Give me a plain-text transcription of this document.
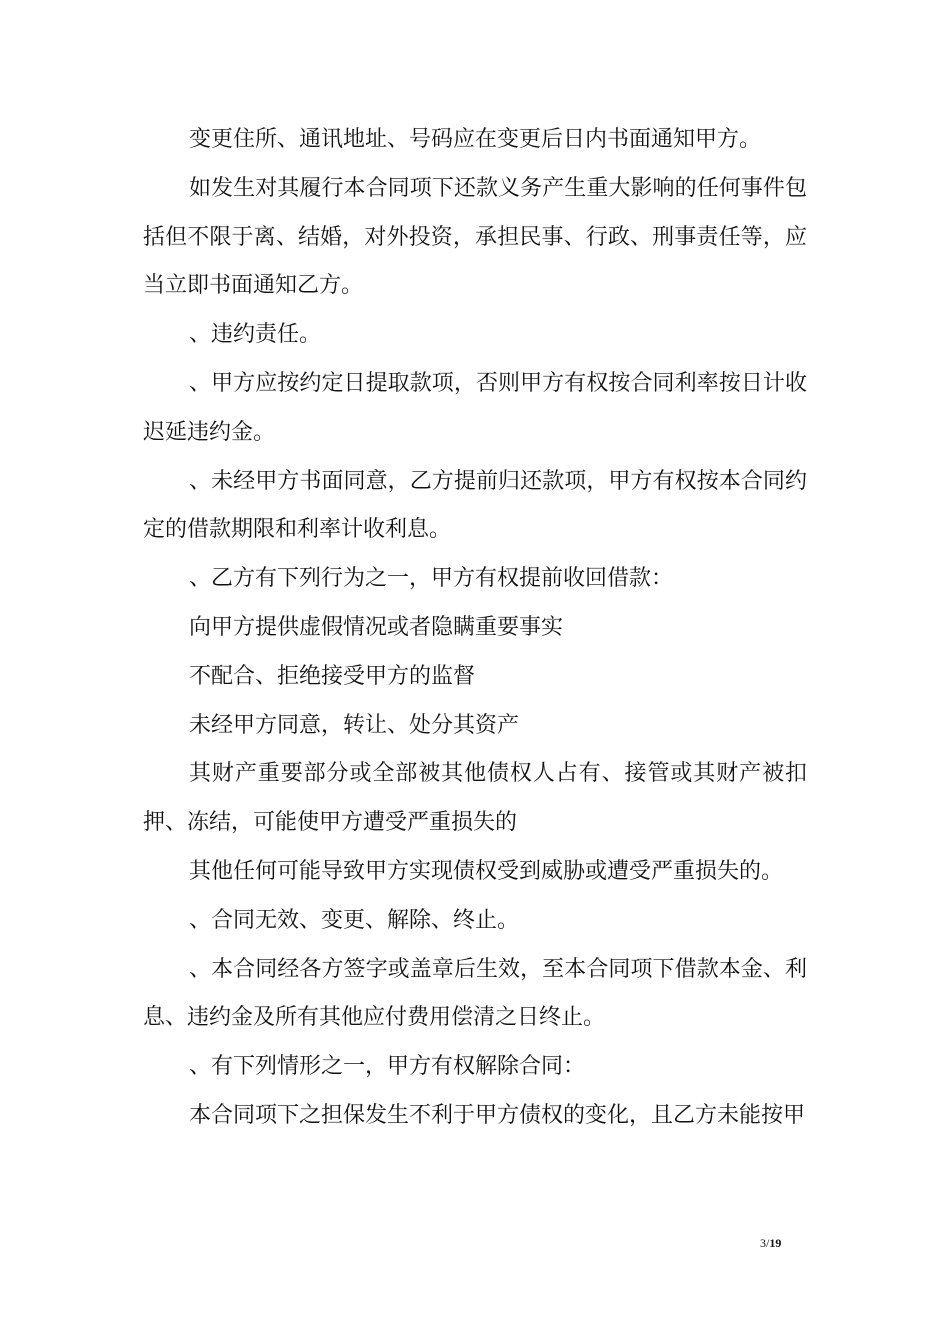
变更住所、通讯地址、号码应在变更后日内书面通知甲方。

如发生对其履行本合同项下还款义务产生重大影响的任何事件包括但不限于离、结婚，对外投资，承担民事、行政、刑事责任等，应当立即书面通知乙方。

、违约责任。

、甲方应按约定日提取款项，否则甲方有权按合同利率按日计收迟延违约金。

、未经甲方书面同意，乙方提前归还款项，甲方有权按本合同约定的借款期限和利率计收利息。

、乙方有下列行为之一，甲方有权提前收回借款：

向甲方提供虚假情况或者隐瞒重要事实

不配合、拒绝接受甲方的监督

未经甲方同意，转让、处分其资产

其财产重要部分或全部被其他债权人占有、接管或其财产被扣押、冻结，可能使甲方遭受严重损失的

其他任何可能导致甲方实现债权受到威胁或遭受严重损失的。

、合同无效、变更、解除、终止。

、本合同经各方签字或盖章后生效，至本合同项下借款本金、利息、违约金及所有其他应付费用偿清之日终止。

、有下列情形之一，甲方有权解除合同：

本合同项下之担保发生不利于甲方债权的变化，且乙方未能按甲

3/19
